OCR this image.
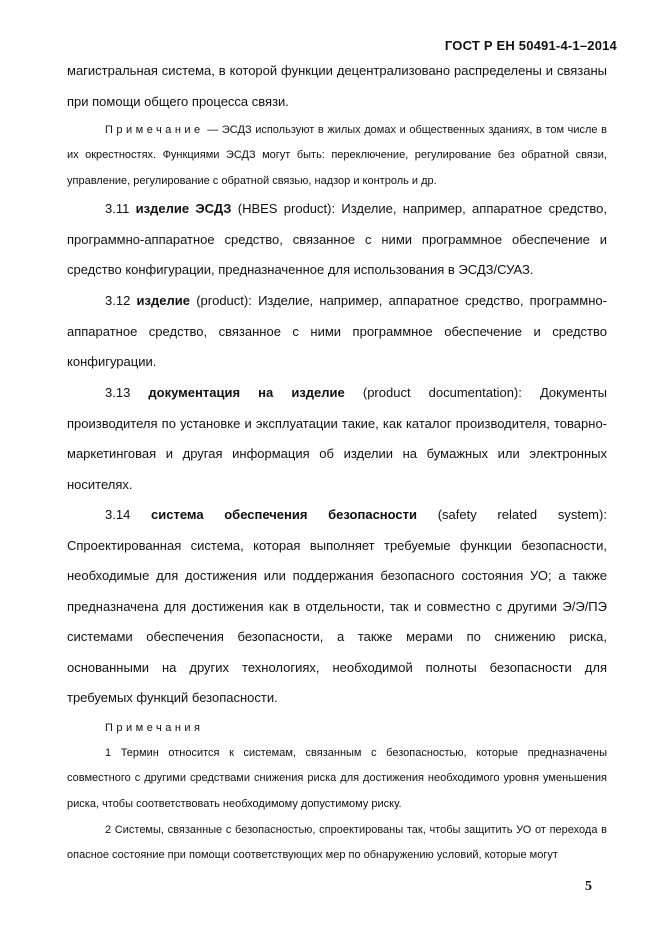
ГОСТ Р ЕН 50491-4-1–2014

магистральная система, в которой функции децентрализовано распределены и связаны при помощи общего процесса связи.

Примечание — ЭСДЗ используют в жилых домах и общественных зданиях, в том числе в их окрестностях. Функциями ЭСДЗ могут быть: переключение, регулирование без обратной связи, управление, регулирование с обратной связью, надзор и контроль и др.

3.11 изделие ЭСДЗ (HBES product): Изделие, например, аппаратное средство, программно-аппаратное средство, связанное с ними программное обеспечение и средство конфигурации, предназначенное для использования в ЭСДЗ/СУАЗ.

3.12 изделие (product): Изделие, например, аппаратное средство, программно-аппаратное средство, связанное с ними программное обеспечение и средство конфигурации.

3.13 документация на изделие (product documentation): Документы производителя по установке и эксплуатации такие, как каталог производителя, товарно-маркетинговая и другая информация об изделии на бумажных или электронных носителях.

3.14 система обеспечения безопасности (safety related system): Спроектированная система, которая выполняет требуемые функции безопасности, необходимые для достижения или поддержания безопасного состояния УО; а также предназначена для достижения как в отдельности, так и совместно с другими Э/Э/ПЭ системами обеспечения безопасности, а также мерами по снижению риска, основанными на других технологиях, необходимой полноты безопасности для требуемых функций безопасности.

Примечания

1 Термин относится к системам, связанным с безопасностью, которые предназначены совместного с другими средствами снижения риска для достижения необходимого уровня уменьшения риска, чтобы соответствовать необходимому допустимому риску.

2 Системы, связанные с безопасностью, спроектированы так, чтобы защитить УО от перехода в опасное состояние при помощи соответствующих мер по обнаружению условий, которые могут

5
